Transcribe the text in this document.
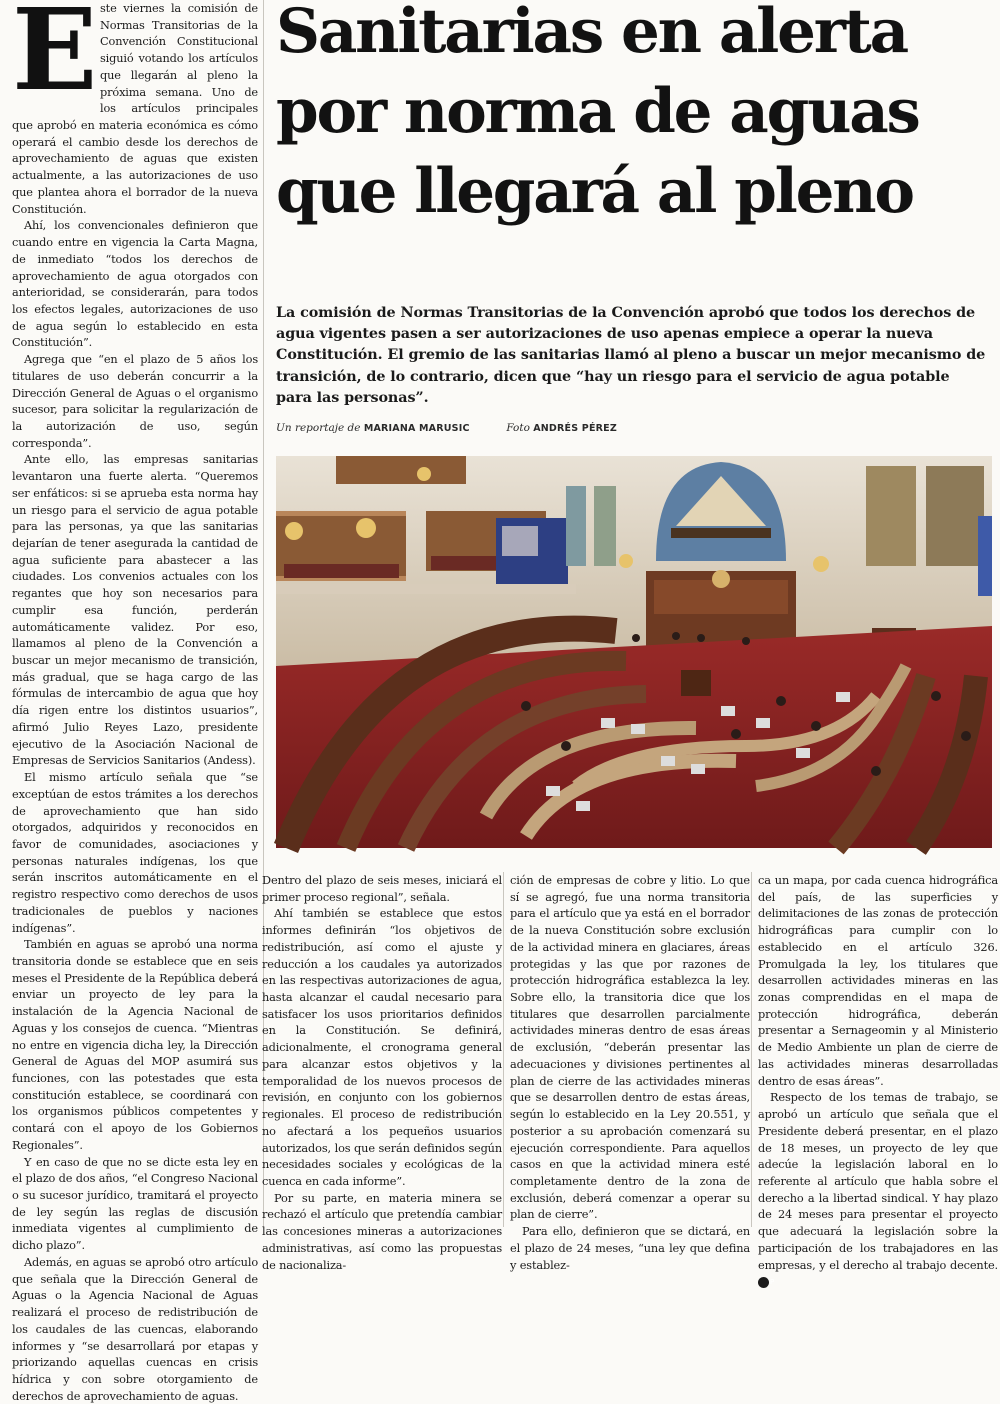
E ste viernes la comisión de Normas Transitorias de la Convención Constitucional siguió votando los artículos que llegarán al pleno la próxima semana. Uno de los artículos principales que aprobó en materia económica es cómo operará el cambio desde los derechos de aprovechamiento de aguas que existen actualmente, a las autorizaciones de uso que plantea ahora el borrador de la nueva Constitución.

Ahí, los convencionales definieron que cuando entre en vigencia la Carta Magna, de inmediato “todos los derechos de aprovechamiento de agua otorgados con anterioridad, se considerarán, para todos los efectos legales, autorizaciones de uso de agua según lo establecido en esta Constitución”.

Agrega que “en el plazo de 5 años los titulares de uso deberán concurrir a la Dirección General de Aguas o el organismo sucesor, para solicitar la regularización de la autorización de uso, según corresponda”.

Ante ello, las empresas sanitarias levantaron una fuerte alerta. “Queremos ser enfáticos: si se aprueba esta norma hay un riesgo para el servicio de agua potable para las personas, ya que las sanitarias dejarían de tener asegurada la cantidad de agua suficiente para abastecer a las ciudades. Los convenios actuales con los regantes que hoy son necesarios para cumplir esa función, perderán automáticamente validez. Por eso, llamamos al pleno de la Convención a buscar un mejor mecanismo de transición, más gradual, que se haga cargo de las fórmulas de intercambio de agua que hoy día rigen entre los distintos usuarios”, afirmó Julio Reyes Lazo, presidente ejecutivo de la Asociación Nacional de Empresas de Servicios Sanitarios (Andess).

El mismo artículo señala que “se exceptúan de estos trámites a los derechos de aprovechamiento que han sido otorgados, adquiridos y reconocidos en favor de comunidades, asociaciones y personas naturales indígenas, los que serán inscritos automáticamente en el registro respectivo como derechos de usos tradicionales de pueblos y naciones indígenas”.

También en aguas se aprobó una norma transitoria donde se establece que en seis meses el Presidente de la República deberá enviar un proyecto de ley para la instalación de la Agencia Nacional de Aguas y los consejos de cuenca. “Mientras no entre en vigencia dicha ley, la Dirección General de Aguas del MOP asumirá sus funciones, con las potestades que esta constitución establece, se coordinará con los organismos públicos competentes y contará con el apoyo de los Gobiernos Regionales”.

Y en caso de que no se dicte esta ley en el plazo de dos años, “el Congreso Nacional o su sucesor jurídico, tramitará el proyecto de ley según las reglas de discusión inmediata vigentes al cumplimiento de dicho plazo”.

Además, en aguas se aprobó otro artículo que señala que la Dirección General de Aguas o la Agencia Nacional de Aguas realizará el proceso de redistribución de los caudales de las cuencas, elaborando informes y “se desarrollará por etapas y priorizando aquellas cuencas en crisis hídrica y con sobre otorgamiento de derechos de aprovechamiento de aguas.

Sanitarias en alerta
por norma de aguas
que llegará al pleno

La comisión de Normas Transitorias de la Convención aprobó que todos los derechos de agua vigentes pasen a ser autorizaciones de uso apenas empiece a operar la nueva Constitución. El gremio de las sanitarias llamó al pleno a buscar un mejor mecanismo de transición, de lo contrario, dicen que “hay un riesgo para el servicio de agua potable para las personas”.

Un reportaje de MARIANA MARUSIC	Foto ANDRÉS PÉREZ

Dentro del plazo de seis meses, iniciará el primer proceso regional”, señala.

Ahí también se establece que estos informes definirán “los objetivos de redistribución, así como el ajuste y reducción a los caudales ya autorizados en las respectivas autorizaciones de agua, hasta alcanzar el caudal necesario para satisfacer los usos prioritarios definidos en la Constitución. Se definirá, adicionalmente, el cronograma general para alcanzar estos objetivos y la temporalidad de los nuevos procesos de revisión, en conjunto con los gobiernos regionales. El proceso de redistribución no afectará a los pequeños usuarios autorizados, los que serán definidos según necesidades sociales y ecológicas de la cuenca en cada informe”.

Por su parte, en materia minera se rechazó el artículo que pretendía cambiar las concesiones mineras a autorizaciones administrativas, así como las propuestas de nacionaliza-

ción de empresas de cobre y litio. Lo que sí se agregó, fue una norma transitoria para el artículo que ya está en el borrador de la nueva Constitución sobre exclusión de la actividad minera en glaciares, áreas protegidas y las que por razones de protección hidrográfica establezca la ley. Sobre ello, la transitoria dice que los titulares que desarrollen parcialmente actividades mineras dentro de esas áreas de exclusión, “deberán presentar las adecuaciones y divisiones pertinentes al plan de cierre de las actividades mineras que se desarrollen dentro de estas áreas, según lo establecido en la Ley 20.551, y posterior a su aprobación comenzará su ejecución correspondiente. Para aquellos casos en que la actividad minera esté completamente dentro de la zona de exclusión, deberá comenzar a operar su plan de cierre”.

Para ello, definieron que se dictará, en el plazo de 24 meses, “una ley que defina y establez-

ca un mapa, por cada cuenca hidrográfica del país, de las superficies y delimitaciones de las zonas de protección hidrográficas para cumplir con lo establecido en el artículo 326. Promulgada la ley, los titulares que desarrollen actividades mineras en las zonas comprendidas en el mapa de protección hidrográfica, deberán presentar a Sernageomin y al Ministerio de Medio Ambiente un plan de cierre de las actividades mineras desarrolladas dentro de esas áreas”.

Respecto de los temas de trabajo, se aprobó un artículo que señala que el Presidente deberá presentar, en el plazo de 18 meses, un proyecto de ley que adecúe la legislación laboral en lo referente al artículo que habla sobre el derecho a la libertad sindical. Y hay plazo de 24 meses para presentar el proyecto que adecuará la legislación sobre la participación de los trabajadores en las empresas, y el derecho al trabajo decente. P
